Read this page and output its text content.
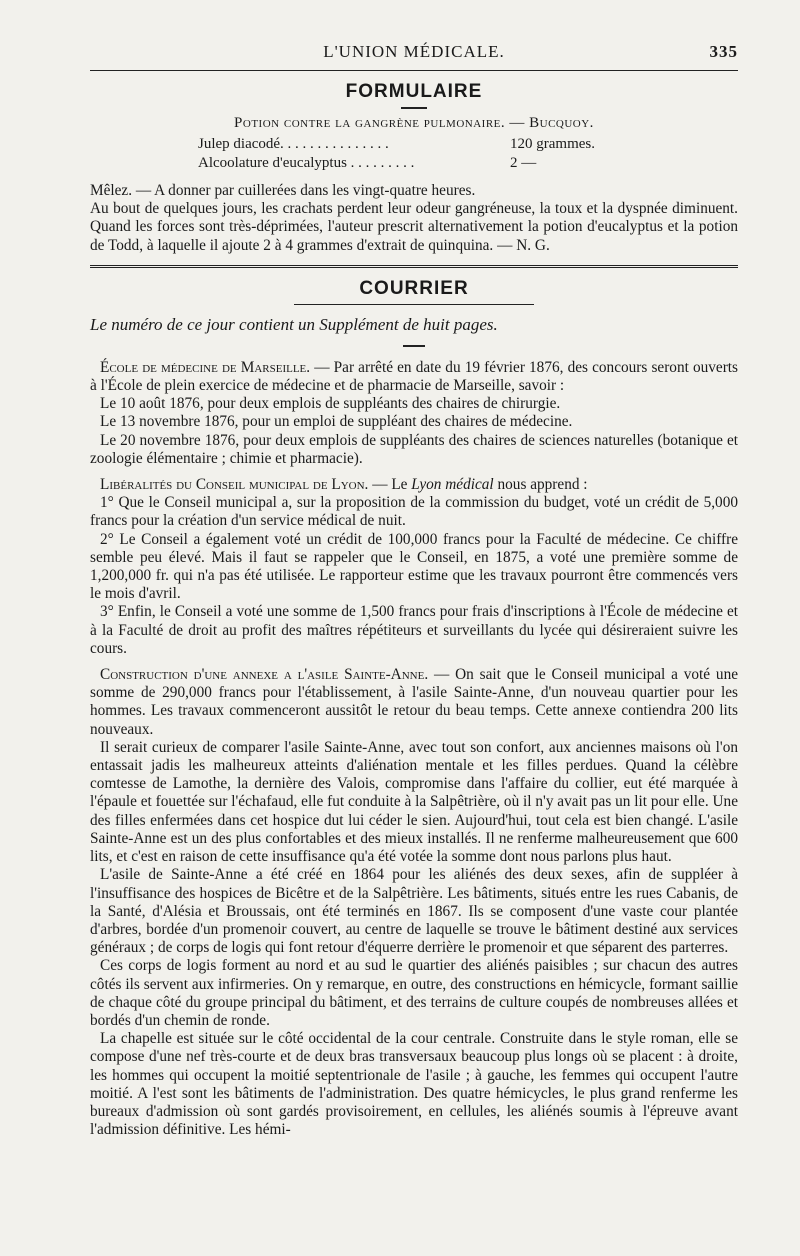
L'UNION MÉDICALE.	335
FORMULAIRE
Potion contre la gangrène pulmonaire. — Bucquoy.
Julep diacodé. . . . . . . . . . . . . . .	120 grammes.
Alcoolature d'eucalyptus . . . . . . . . .	2 —

Mêlez. — A donner par cuillerées dans les vingt-quatre heures.

Au bout de quelques jours, les crachats perdent leur odeur gangréneuse, la toux et la dyspnée diminuent. Quand les forces sont très-déprimées, l'auteur prescrit alternativement la potion d'eucalyptus et la potion de Todd, à laquelle il ajoute 2 à 4 grammes d'extrait de quinquina. — N. G.

COURRIER
Le numéro de ce jour contient un Supplément de huit pages.

École de médecine de Marseille. — Par arrêté en date du 19 février 1876, des concours seront ouverts à l'École de plein exercice de médecine et de pharmacie de Marseille, savoir :

Le 10 août 1876, pour deux emplois de suppléants des chaires de chirurgie.

Le 13 novembre 1876, pour un emploi de suppléant des chaires de médecine.

Le 20 novembre 1876, pour deux emplois de suppléants des chaires de sciences naturelles (botanique et zoologie élémentaire ; chimie et pharmacie).

Libéralités du Conseil municipal de Lyon. — Le Lyon médical nous apprend :

1° Que le Conseil municipal a, sur la proposition de la commission du budget, voté un crédit de 5,000 francs pour la création d'un service médical de nuit.

2° Le Conseil a également voté un crédit de 100,000 francs pour la Faculté de médecine. Ce chiffre semble peu élevé. Mais il faut se rappeler que le Conseil, en 1875, a voté une première somme de 1,200,000 fr. qui n'a pas été utilisée. Le rapporteur estime que les travaux pourront être commencés vers le mois d'avril.

3° Enfin, le Conseil a voté une somme de 1,500 francs pour frais d'inscriptions à l'École de médecine et à la Faculté de droit au profit des maîtres répétiteurs et surveillants du lycée qui désireraient suivre les cours.

Construction d'une annexe a l'asile Sainte-Anne. — On sait que le Conseil municipal a voté une somme de 290,000 francs pour l'établissement, à l'asile Sainte-Anne, d'un nouveau quartier pour les hommes. Les travaux commenceront aussitôt le retour du beau temps. Cette annexe contiendra 200 lits nouveaux.

Il serait curieux de comparer l'asile Sainte-Anne, avec tout son confort, aux anciennes maisons où l'on entassait jadis les malheureux atteints d'aliénation mentale et les filles perdues. Quand la célèbre comtesse de Lamothe, la dernière des Valois, compromise dans l'affaire du collier, eut été marquée à l'épaule et fouettée sur l'échafaud, elle fut conduite à la Salpêtrière, où il n'y avait pas un lit pour elle. Une des filles enfermées dans cet hospice dut lui céder le sien. Aujourd'hui, tout cela est bien changé. L'asile Sainte-Anne est un des plus confortables et des mieux installés. Il ne renferme malheureusement que 600 lits, et c'est en raison de cette insuffisance qu'a été votée la somme dont nous parlons plus haut.

L'asile de Sainte-Anne a été créé en 1864 pour les aliénés des deux sexes, afin de suppléer à l'insuffisance des hospices de Bicêtre et de la Salpêtrière. Les bâtiments, situés entre les rues Cabanis, de la Santé, d'Alésia et Broussais, ont été terminés en 1867. Ils se composent d'une vaste cour plantée d'arbres, bordée d'un promenoir couvert, au centre de laquelle se trouve le bâtiment destiné aux services généraux ; de corps de logis qui font retour d'équerre derrière le promenoir et que séparent des parterres.

Ces corps de logis forment au nord et au sud le quartier des aliénés paisibles ; sur chacun des autres côtés ils servent aux infirmeries. On y remarque, en outre, des constructions en hémicycle, formant saillie de chaque côté du groupe principal du bâtiment, et des terrains de culture coupés de nombreuses allées et bordés d'un chemin de ronde.

La chapelle est située sur le côté occidental de la cour centrale. Construite dans le style roman, elle se compose d'une nef très-courte et de deux bras transversaux beaucoup plus longs où se placent : à droite, les hommes qui occupent la moitié septentrionale de l'asile ; à gauche, les femmes qui occupent l'autre moitié. A l'est sont les bâtiments de l'administration. Des quatre hémicycles, le plus grand renferme les bureaux d'admission où sont gardés provisoirement, en cellules, les aliénés soumis à l'épreuve avant l'admission définitive. Les hémi-
